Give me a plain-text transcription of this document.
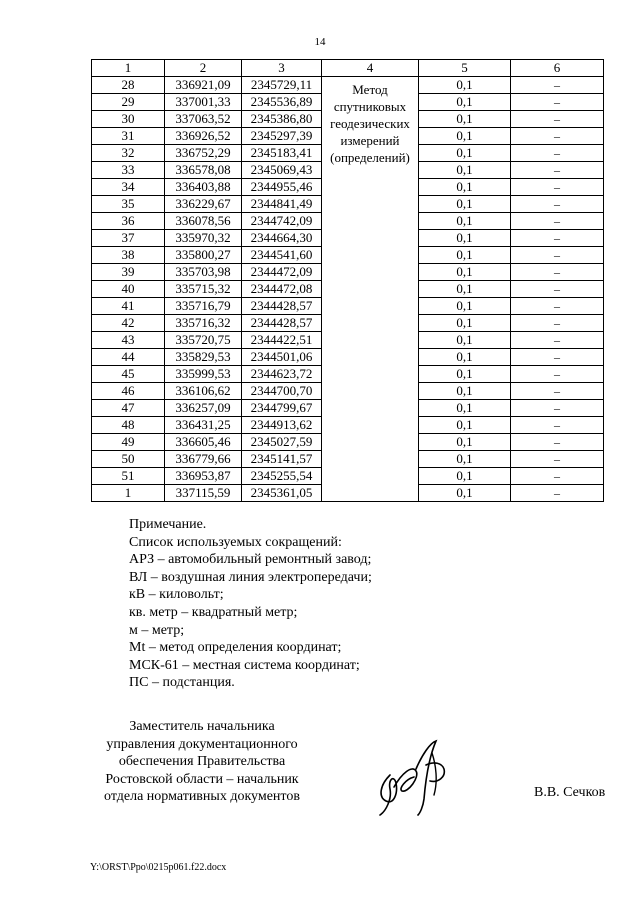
14
1	2	3	4	5	6
28	336921,09	2345729,11	Метод спутниковых геодезических измерений (определений)	0,1	–
29	337001,33	2345536,89		0,1	–
30	337063,52	2345386,80		0,1	–
31	336926,52	2345297,39		0,1	–
32	336752,29	2345183,41		0,1	–
33	336578,08	2345069,43		0,1	–
34	336403,88	2344955,46		0,1	–
35	336229,67	2344841,49		0,1	–
36	336078,56	2344742,09		0,1	–
37	335970,32	2344664,30		0,1	–
38	335800,27	2344541,60		0,1	–
39	335703,98	2344472,09		0,1	–
40	335715,32	2344472,08		0,1	–
41	335716,79	2344428,57		0,1	–
42	335716,32	2344428,57		0,1	–
43	335720,75	2344422,51		0,1	–
44	335829,53	2344501,06		0,1	–
45	335999,53	2344623,72		0,1	–
46	336106,62	2344700,70		0,1	–
47	336257,09	2344799,67		0,1	–
48	336431,25	2344913,62		0,1	–
49	336605,46	2345027,59		0,1	–
50	336779,66	2345141,57		0,1	–
51	336953,87	2345255,54		0,1	–
1	337115,59	2345361,05		0,1	–
Примечание.
Список используемых сокращений:
АРЗ – автомобильный ремонтный завод;
ВЛ – воздушная линия электропередачи;
кВ – киловольт;
кв. метр – квадратный метр;
м – метр;
Mt – метод определения координат;
МСК-61 – местная система координат;
ПС – подстанция.
Заместитель начальника
управления документационного
обеспечения Правительства
Ростовской области – начальник
отдела нормативных документов	В.В. Сечков
Y:\ORST\Ppo\0215p061.f22.docx
